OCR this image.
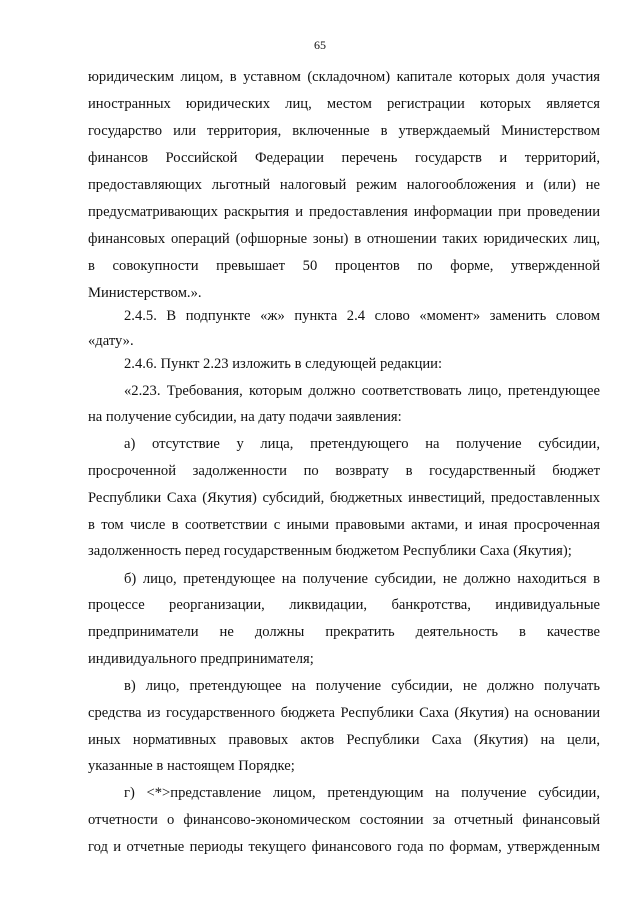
65
юридическим лицом, в уставном (складочном) капитале которых доля участия
иностранных юридических лиц, местом регистрации которых является
государство или территория, включенные в утверждаемый Министерством
финансов Российской Федерации перечень государств и территорий,
предоставляющих льготный налоговый режим налогообложения и (или) не
предусматривающих раскрытия и предоставления информации при проведении
финансовых операций (офшорные зоны) в отношении таких юридических лиц,
в совокупности превышает 50 процентов по форме, утвержденной
Министерством.».
2.4.5. В подпункте «ж» пункта 2.4 слово «момент» заменить словом
«дату».
2.4.6. Пункт 2.23 изложить в следующей редакции:
«2.23. Требования, которым должно соответствовать лицо, претендующее
на получение субсидии, на дату подачи заявления:
а) отсутствие у лица, претендующего на получение субсидии,
просроченной задолженности по возврату в государственный бюджет
Республики Саха (Якутия) субсидий, бюджетных инвестиций, предоставленных
в том числе в соответствии с иными правовыми актами, и иная просроченная
задолженность перед государственным бюджетом Республики Саха (Якутия);
б) лицо, претендующее на получение субсидии, не должно находиться в
процессе реорганизации, ликвидации, банкротства, индивидуальные
предприниматели не должны прекратить деятельность в качестве
индивидуального предпринимателя;
в) лицо, претендующее на получение субсидии, не должно получать
средства из государственного бюджета Республики Саха (Якутия) на основании
иных нормативных правовых актов Республики Саха (Якутия) на цели,
указанные в настоящем Порядке;
г) <*>представление лицом, претендующим на получение субсидии,
отчетности о финансово-экономическом состоянии за отчетный финансовый
год и отчетные периоды текущего финансового года по формам, утвержденным
